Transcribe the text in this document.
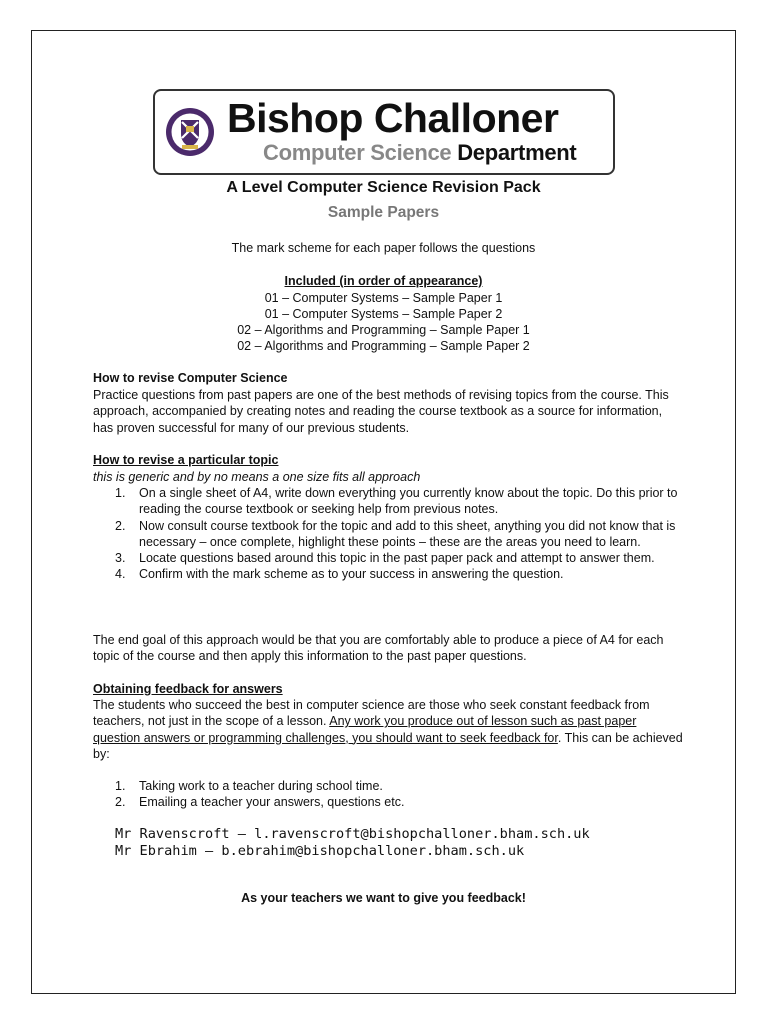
Bishop Challoner
Computer Science Department
A Level Computer Science Revision Pack
Sample Papers
The mark scheme for each paper follows the questions
Included (in order of appearance)
01 – Computer Systems – Sample Paper 1
01 – Computer Systems – Sample Paper 2
02 – Algorithms and Programming – Sample Paper 1
02 – Algorithms and Programming – Sample Paper 2
How to revise Computer Science
Practice questions from past papers are one of the best methods of revising topics from the course. This approach, accompanied by creating notes and reading the course textbook as a source for information, has proven successful for many of our previous students.
How to revise a particular topic
this is generic and by no means a one size fits all approach
1. On a single sheet of A4, write down everything you currently know about the topic. Do this prior to reading the course textbook or seeking help from previous notes.
2. Now consult course textbook for the topic and add to this sheet, anything you did not know that is necessary – once complete, highlight these points – these are the areas you need to learn.
3. Locate questions based around this topic in the past paper pack and attempt to answer them.
4. Confirm with the mark scheme as to your success in answering the question.
The end goal of this approach would be that you are comfortably able to produce a piece of A4 for each topic of the course and then apply this information to the past paper questions.
Obtaining feedback for answers
The students who succeed the best in computer science are those who seek constant feedback from teachers, not just in the scope of a lesson. Any work you produce out of lesson such as past paper question answers or programming challenges, you should want to seek feedback for. This can be achieved by:
1. Taking work to a teacher during school time.
2. Emailing a teacher your answers, questions etc.
Mr Ravenscroft – l.ravenscroft@bishopchalloner.bham.sch.uk
Mr Ebrahim – b.ebrahim@bishopchalloner.bham.sch.uk
As your teachers we want to give you feedback!
